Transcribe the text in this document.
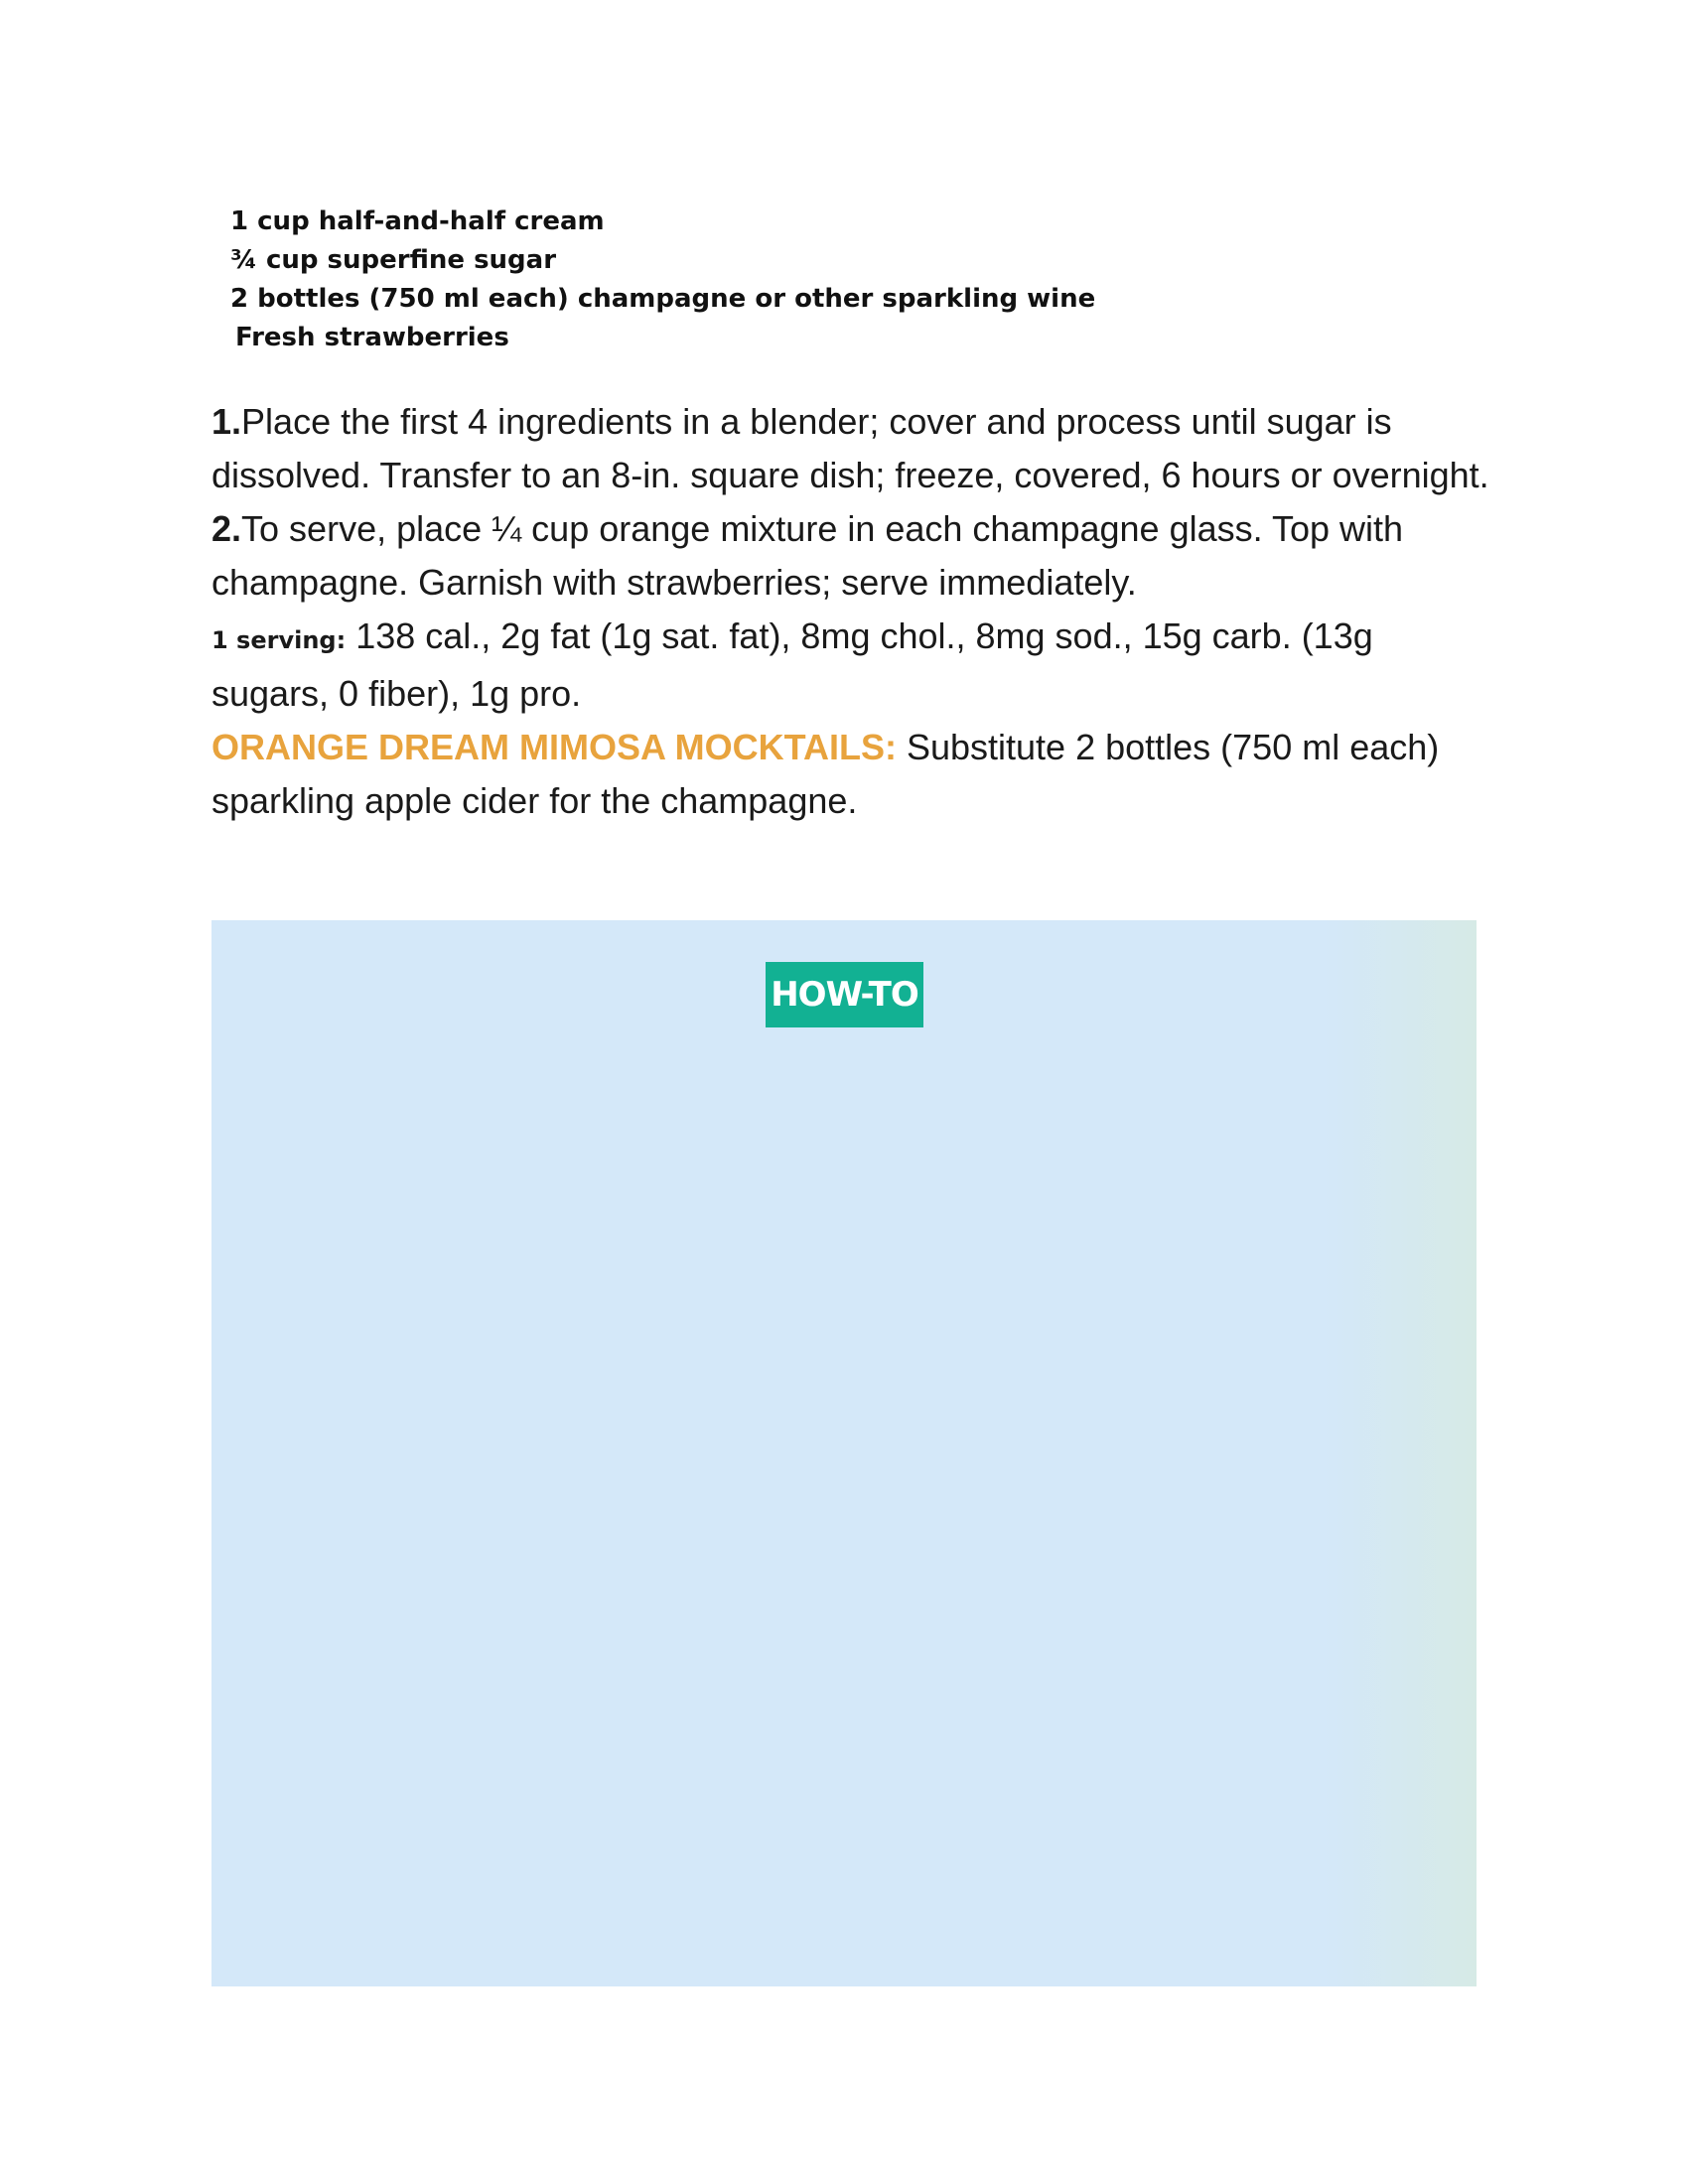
1 cup half-and-half cream
¾ cup superfine sugar
2 bottles (750 ml each) champagne or other sparkling wine
Fresh strawberries

1.Place the first 4 ingredients in a blender; cover and process until sugar is dissolved. Transfer to an 8-in. square dish; freeze, covered, 6 hours or overnight.

2.To serve, place ¼ cup orange mixture in each champagne glass. Top with champagne. Garnish with strawberries; serve immediately.

1 serving: 138 cal., 2g fat (1g sat. fat), 8mg chol., 8mg sod., 15g carb. (13g sugars, 0 fiber), 1g pro.

ORANGE DREAM MIMOSA MOCKTAILS: Substitute 2 bottles (750 ml each) sparkling apple cider for the champagne.

HOW-TO
